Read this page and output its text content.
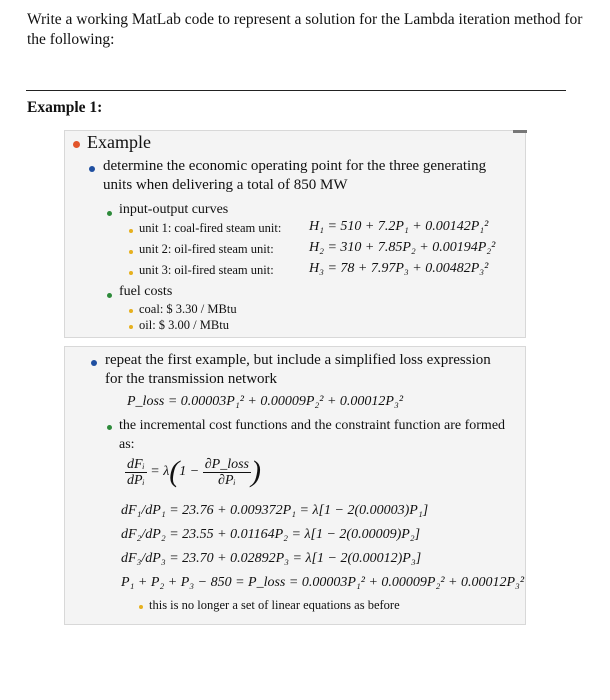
Write a working MatLab code to represent a solution for the Lambda iteration method for the following:
Example 1:
Example
determine the economic operating point for the three generating units when delivering a total of 850 MW
input-output curves
unit 1: coal-fired steam unit: H₁ = 510 + 7.2P₁ + 0.00142P₁²
unit 2: oil-fired steam unit:	H₂ = 310 + 7.85P₂ + 0.00194P₂²
unit 3: oil-fired steam unit:	H₃ = 78 + 7.97P₃ + 0.00482P₃²
fuel costs
coal: $ 3.30 / MBtu
oil: $ 3.00 / MBtu
repeat the first example, but include a simplified loss expression for the transmission network
P_loss = 0.00003P₁² + 0.00009P₂² + 0.00012P₃²
the incremental cost functions and the constraint function are formed as:
$\frac{\text{dFᵢ}}{\text{dPᵢ}} = \lambda(1 - \frac{\text{∂P\_loss}}{\text{∂Pᵢ}}$ )
dF₁/dP₁ = 23.76 + 0.009372P₁ = λ[1 − 2(0.00003)P₁]
dF₂/dP₂ = 23.55 + 0.01164P₂ = λ[1 − 2(0.00009)P₂]
dF₃/dP₃ = 23.70 + 0.02892P₃ = λ[1 − 2(0.00012)P₃]
P₁ + P₂ + P₃ − 850 = P_loss = 0.00003P₁² + 0.00009P₂² + 0.00012P₃²
this is no longer a set of linear equations as before
